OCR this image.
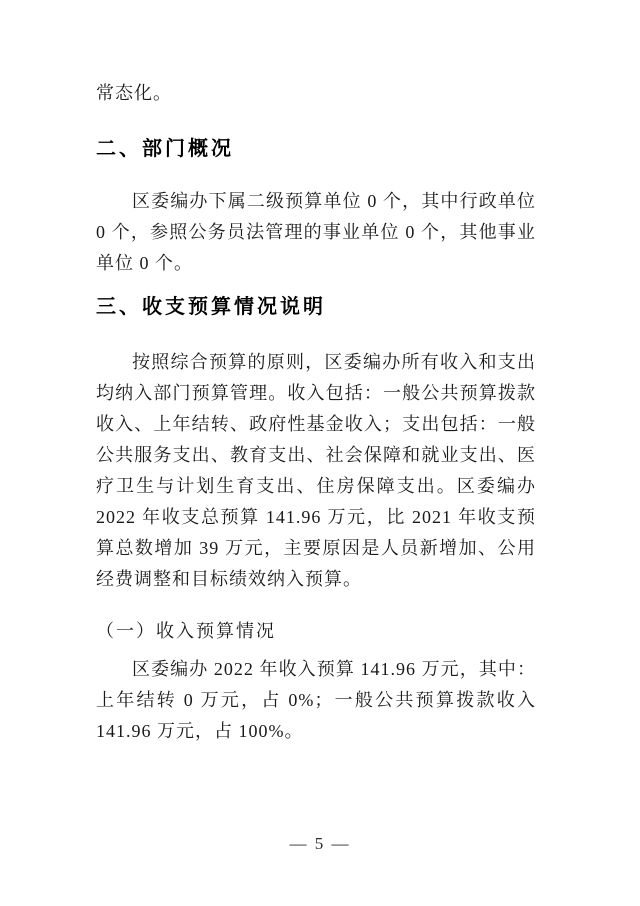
常态化。

二、部门概况

区委编办下属二级预算单位 0 个，其中行政单位 0 个，参照公务员法管理的事业单位 0 个，其他事业单位 0 个。

三、收支预算情况说明

按照综合预算的原则，区委编办所有收入和支出均纳入部门预算管理。收入包括：一般公共预算拨款收入、上年结转、政府性基金收入；支出包括：一般公共服务支出、教育支出、社会保障和就业支出、医疗卫生与计划生育支出、住房保障支出。区委编办 2022 年收支总预算 141.96 万元，比 2021 年收支预算总数增加 39 万元，主要原因是人员新增加、公用经费调整和目标绩效纳入预算。

（一）收入预算情况

区委编办 2022 年收入预算 141.96 万元，其中：上年结转 0 万元，占 0%；一般公共预算拨款收入 141.96 万元，占 100%。

— 5 —
